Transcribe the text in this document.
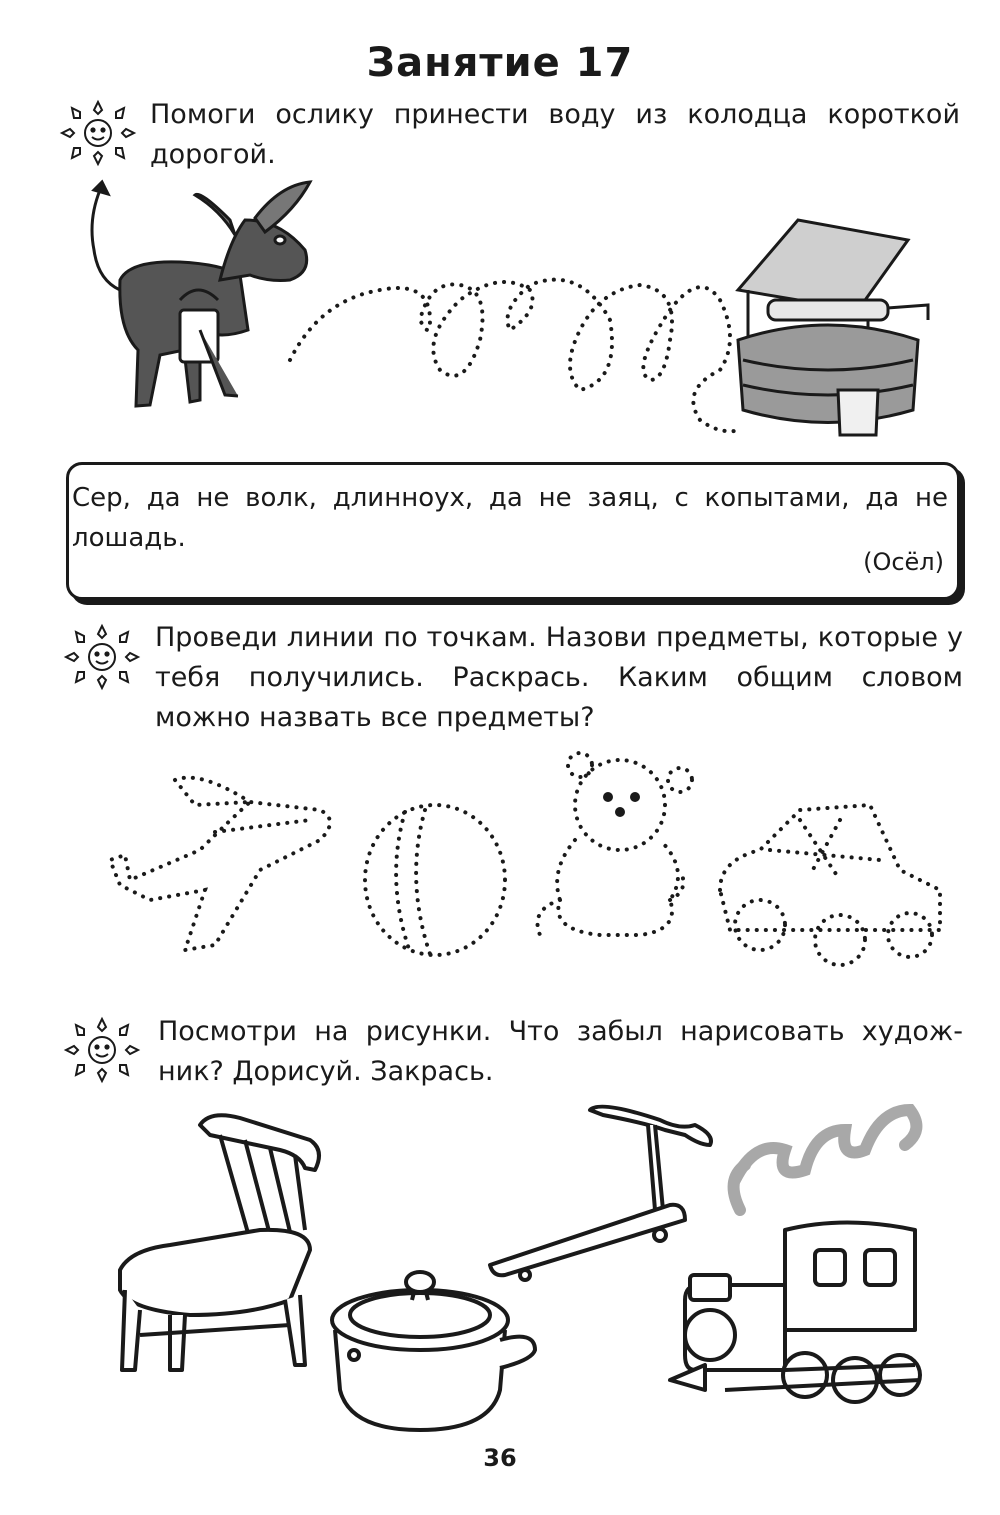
Занятие 17
Помоги ослику принести воду из колодца короткой дорогой.
Сер, да не волк, длинноух, да не заяц, с копытами, да не лошадь.
(Осёл)
Проведи линии по точкам. Назови предметы, которые у тебя получились. Раскрась. Каким общим словом можно назвать все предметы?
Посмотри на рисунки. Что забыл нарисовать худож-ник? Дорисуй. Закрась.
36
